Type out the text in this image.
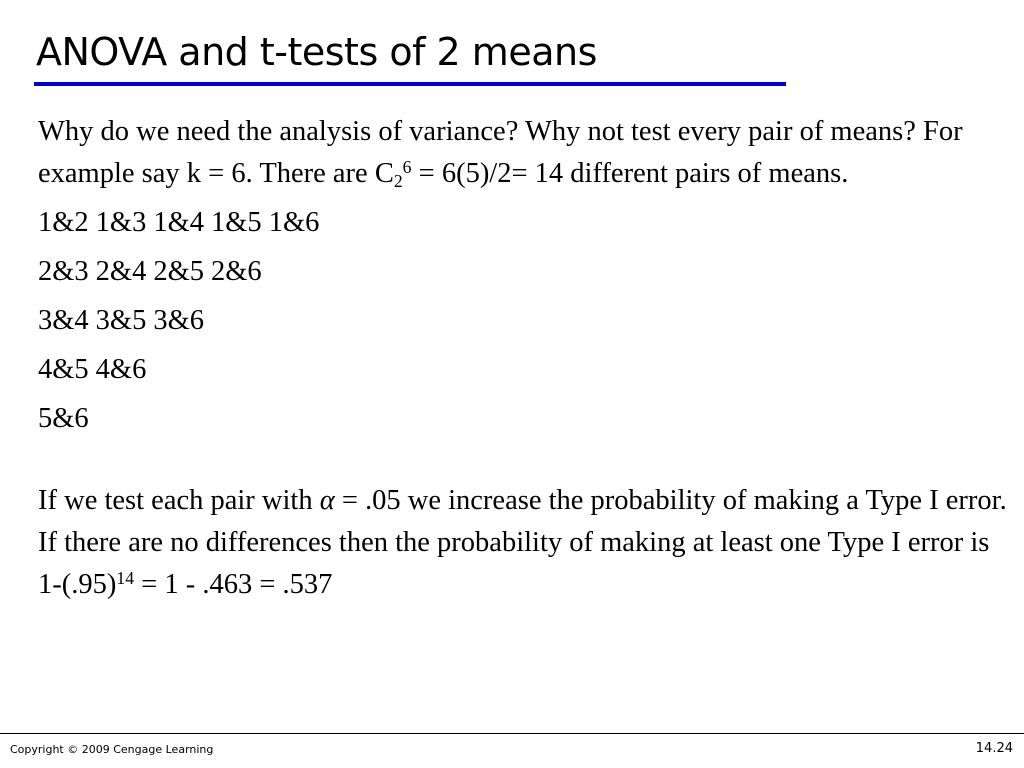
ANOVA and t-tests of 2 means

Why do we need the analysis of variance? Why not test every pair of means? For example say k = 6. There are $C_2^6 = 6(5)/2= 14$ different pairs of means.

1&2 1&3 1&4 1&5 1&6

2&3 2&4 2&5 2&6

3&4 3&5 3&6

4&5 4&6

5&6

If we test each pair with α = .05 we increase the probability of making a Type I error. If there are no differences then the probability of making at least one Type I error is $1-(.95)^{14} = 1 - .463 = .537$

Copyright © 2009 Cengage Learning	14.24
